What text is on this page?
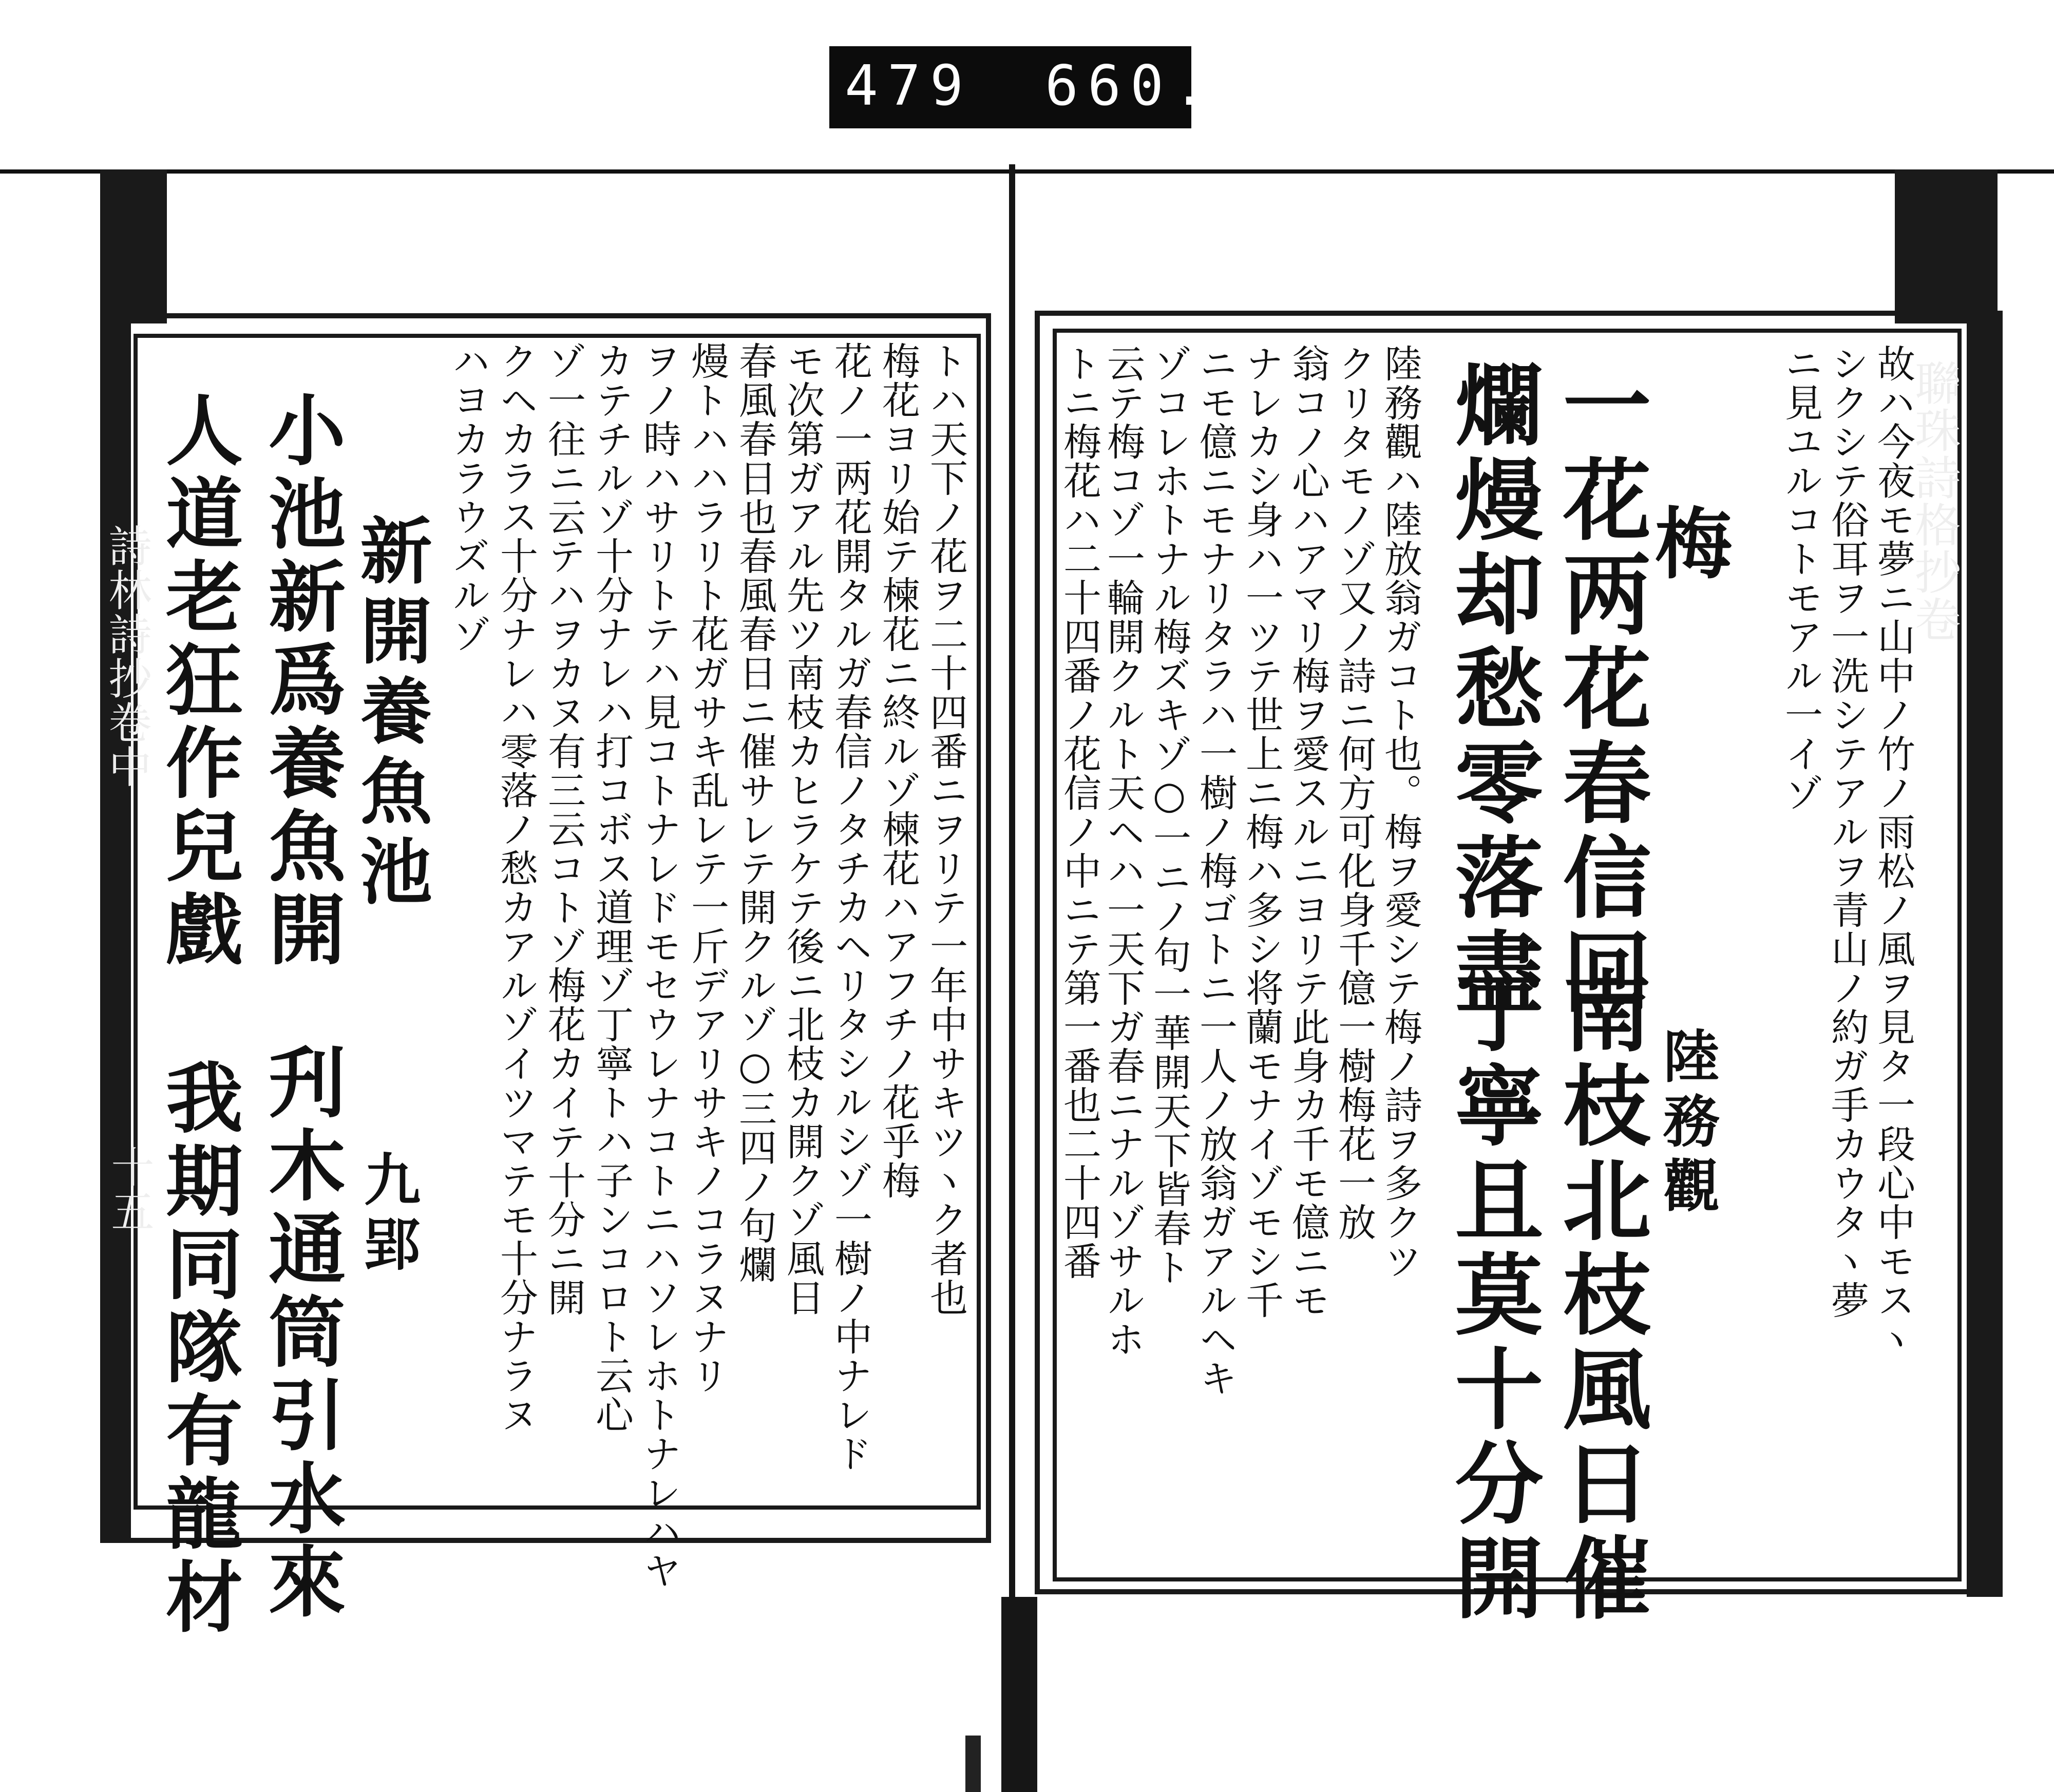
479 660.
聯珠詩格抄卷
詩林詩抄卷中
十五	故ハ今夜モ夢ニ山中ノ竹ノ雨松ノ風ヲ見タ一段心中モスヽ
シクシテ俗耳ヲ一洗シテアルヲ青山ノ約ガ手カウタヽ夢
ニ見ユルコトモアル一イゾ
梅
陸務觀
南枝北枝風日催
丁寧且莫十分開
一花两花春信回
爛熳却愁零落盡
陸務觀ハ陸放翁ガコト也。梅ヲ愛シテ梅ノ詩ヲ多クツ
クリタモノゾ又ノ詩ニ何方可化身千億一樹梅花一放
翁コノ心ハアマリ梅ヲ愛スルニヨリテ此身カ千モ億ニモ
ナレカシ身ハ一ツテ世上ニ梅ハ多シ将蘭モナイゾモシ千
ニモ億ニモナリタラハ一樹ノ梅ゴトニ一人ノ放翁ガアルヘキ
ゾコレホトナル梅ズキゾ○一ニノ句一華開天下皆春ト
云テ梅コゾ一輪開クルト天ヘハ一天下ガ春ニナルゾサルホ
トニ梅花ハ二十四番ノ花信ノ中ニテ第一番也二十四番
トハ天下ノ花ヲ二十四番ニヲリテ一年中サキツヽク者也
梅花ヨリ始テ楝花ニ終ルゾ楝花ハアフチノ花乎梅
花ノ一两花開タルガ春信ノタチカヘリタシルシゾ一樹ノ中ナレド
モ次第ガアル先ツ南枝カヒラケテ後ニ北枝カ開クゾ風日
春風春日也春風春日ニ催サレテ開クルゾ○三四ノ句爛
熳トハハラリト花ガサキ乱レテ一斤デアリサキノコラヌナリ
ヲノ時ハサリトテハ見コトナレドモセウレナコトニハソレホトナレハヤ
カテチルゾ十分ナレハ打コボス道理ゾ丁寧トハ子ンコロト云心
ゾ一往ニ云テハヲカヌ有三云コトゾ梅花カイテ十分ニ開
クヘカラス十分ナレハ零落ノ愁カアルゾイツマテモ十分ナラヌ
ハヨカラウズルゾ
新開養魚池
九郢
刋木通筒引水來
小池新爲養魚開
我期同隊有龍材
人道老狂作兒戲
